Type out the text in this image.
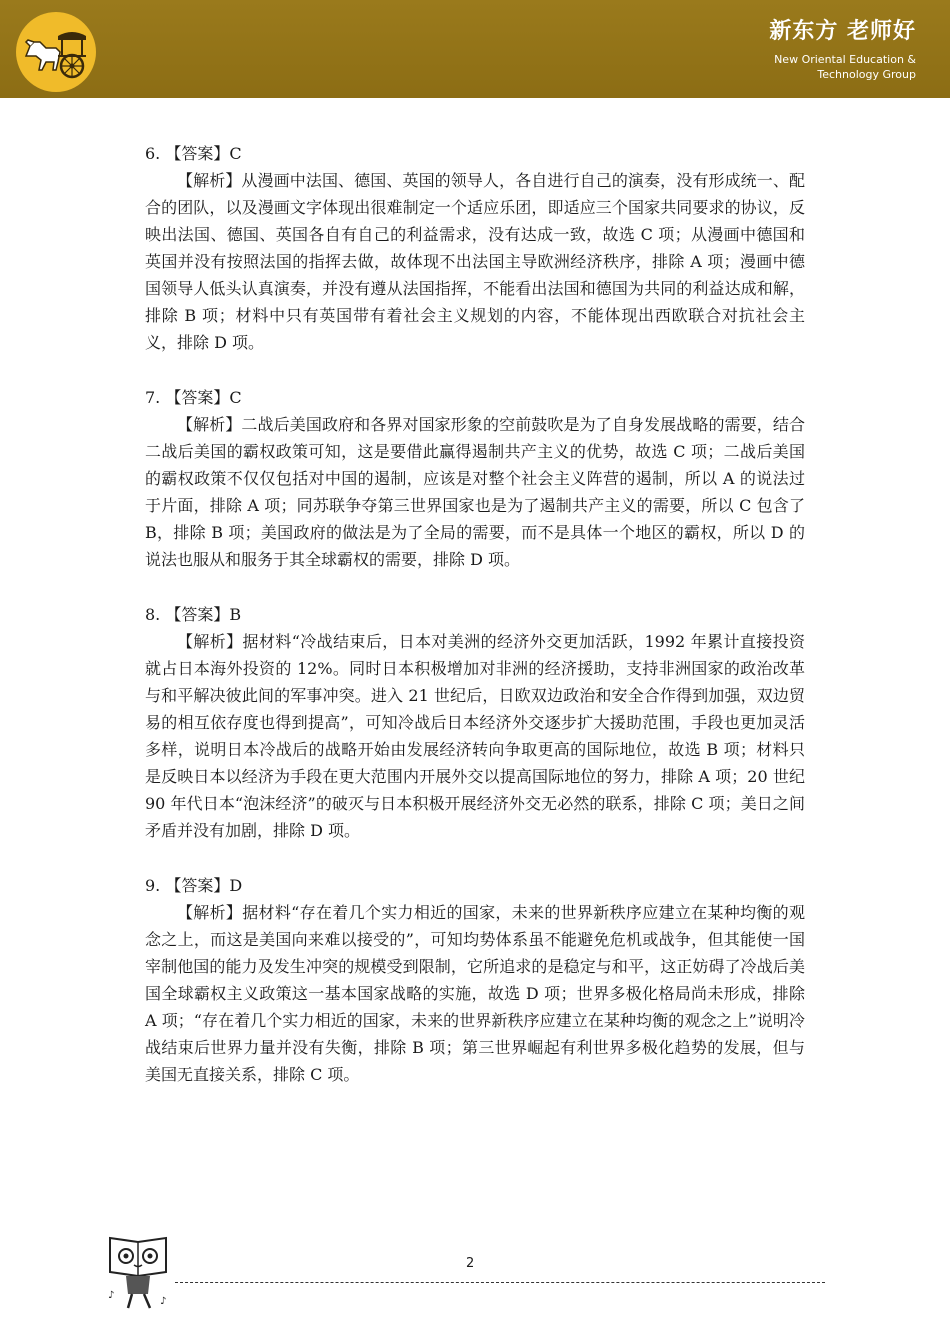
新东方 老师好
New Oriental Education &
Technology Group
6. 【答案】C

【解析】从漫画中法国、德国、英国的领导人，各自进行自己的演奏，没有形成统一、配合的团队，以及漫画文字体现出很难制定一个适应乐团，即适应三个国家共同要求的协议，反映出法国、德国、英国各自有自己的利益需求，没有达成一致，故选 C 项；从漫画中德国和英国并没有按照法国的指挥去做，故体现不出法国主导欧洲经济秩序，排除 A 项；漫画中德国领导人低头认真演奏，并没有遵从法国指挥，不能看出法国和德国为共同的利益达成和解，排除 B 项；材料中只有英国带有着社会主义规划的内容，不能体现出西欧联合对抗社会主义，排除 D 项。

7. 【答案】C

【解析】二战后美国政府和各界对国家形象的空前鼓吹是为了自身发展战略的需要，结合二战后美国的霸权政策可知，这是要借此赢得遏制共产主义的优势，故选 C 项；二战后美国的霸权政策不仅仅包括对中国的遏制，应该是对整个社会主义阵营的遏制，所以 A 的说法过于片面，排除 A 项；同苏联争夺第三世界国家也是为了遏制共产主义的需要，所以 C 包含了 B，排除 B 项；美国政府的做法是为了全局的需要，而不是具体一个地区的霸权，所以 D 的说法也服从和服务于其全球霸权的需要，排除 D 项。

8. 【答案】B

【解析】据材料“冷战结束后，日本对美洲的经济外交更加活跃，1992 年累计直接投资就占日本海外投资的 12%。同时日本积极增加对非洲的经济援助，支持非洲国家的政治改革与和平解决彼此间的军事冲突。进入 21 世纪后，日欧双边政治和安全合作得到加强，双边贸易的相互依存度也得到提高”，可知冷战后日本经济外交逐步扩大援助范围，手段也更加灵活多样，说明日本冷战后的战略开始由发展经济转向争取更高的国际地位，故选 B 项；材料只是反映日本以经济为手段在更大范围内开展外交以提高国际地位的努力，排除 A 项；20 世纪 90 年代日本“泡沫经济”的破灭与日本积极开展经济外交无必然的联系，排除 C 项；美日之间矛盾并没有加剧，排除 D 项。

9. 【答案】D

【解析】据材料“存在着几个实力相近的国家，未来的世界新秩序应建立在某种均衡的观念之上，而这是美国向来难以接受的”，可知均势体系虽不能避免危机或战争，但其能使一国宰制他国的能力及发生冲突的规模受到限制，它所追求的是稳定与和平，这正妨碍了冷战后美国全球霸权主义政策这一基本国家战略的实施，故选 D 项；世界多极化格局尚未形成，排除 A 项；“存在着几个实力相近的国家，未来的世界新秩序应建立在某种均衡的观念之上”说明冷战结束后世界力量并没有失衡，排除 B 项；第三世界崛起有利世界多极化趋势的发展，但与美国无直接关系，排除 C 项。

♪
♪
2
